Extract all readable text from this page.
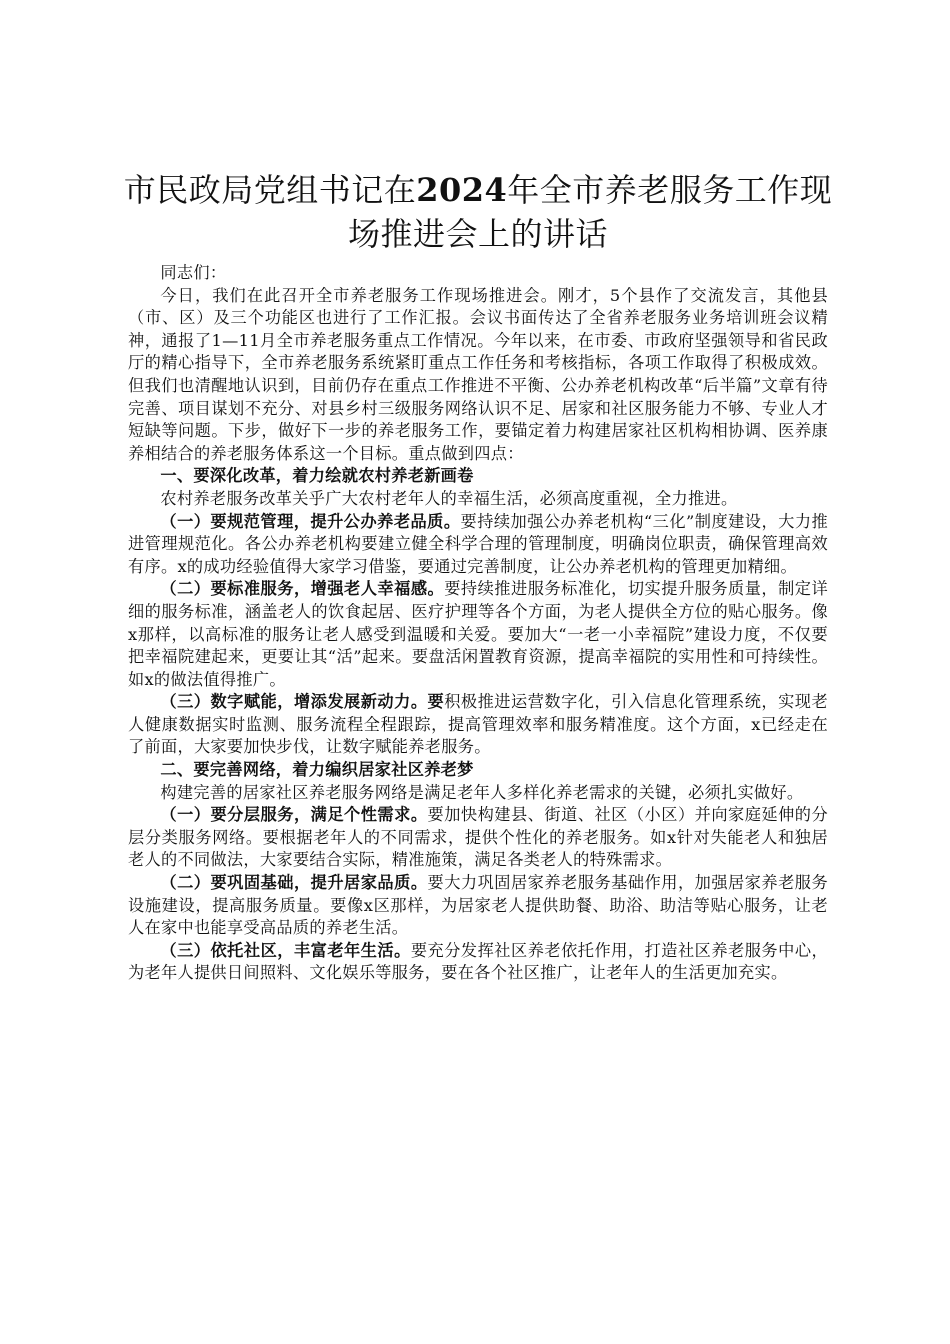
市民政局党组书记在2024年全市养老服务工作现场推进会上的讲话

同志们：

今日，我们在此召开全市养老服务工作现场推进会。刚才，5个县作了交流发言，其他县（市、区）及三个功能区也进行了工作汇报。会议书面传达了全省养老服务业务培训班会议精神，通报了1—11月全市养老服务重点工作情况。今年以来，在市委、市政府坚强领导和省民政厅的精心指导下，全市养老服务系统紧盯重点工作任务和考核指标，各项工作取得了积极成效。但我们也清醒地认识到，目前仍存在重点工作推进不平衡、公办养老机构改革“后半篇”文章有待完善、项目谋划不充分、对县乡村三级服务网络认识不足、居家和社区服务能力不够、专业人才短缺等问题。下步，做好下一步的养老服务工作，要锚定着力构建居家社区机构相协调、医养康养相结合的养老服务体系这一个目标。重点做到四点：

一、要深化改革，着力绘就农村养老新画卷

农村养老服务改革关乎广大农村老年人的幸福生活，必须高度重视，全力推进。

（一）要规范管理，提升公办养老品质。要持续加强公办养老机构“三化”制度建设，大力推进管理规范化。各公办养老机构要建立健全科学合理的管理制度，明确岗位职责，确保管理高效有序。x的成功经验值得大家学习借鉴，要通过完善制度，让公办养老机构的管理更加精细。

（二）要标准服务，增强老人幸福感。要持续推进服务标准化，切实提升服务质量，制定详细的服务标准，涵盖老人的饮食起居、医疗护理等各个方面，为老人提供全方位的贴心服务。像x那样，以高标准的服务让老人感受到温暖和关爱。要加大“一老一小幸福院”建设力度，不仅要把幸福院建起来，更要让其“活”起来。要盘活闲置教育资源，提高幸福院的实用性和可持续性。如x的做法值得推广。

（三）数字赋能，增添发展新动力。要积极推进运营数字化，引入信息化管理系统，实现老人健康数据实时监测、服务流程全程跟踪，提高管理效率和服务精准度。这个方面，x已经走在了前面，大家要加快步伐，让数字赋能养老服务。

二、要完善网络，着力编织居家社区养老梦

构建完善的居家社区养老服务网络是满足老年人多样化养老需求的关键，必须扎实做好。

（一）要分层服务，满足个性需求。要加快构建县、街道、社区（小区）并向家庭延伸的分层分类服务网络。要根据老年人的不同需求，提供个性化的养老服务。如x针对失能老人和独居老人的不同做法，大家要结合实际，精准施策，满足各类老人的特殊需求。

（二）要巩固基础，提升居家品质。要大力巩固居家养老服务基础作用，加强居家养老服务设施建设，提高服务质量。要像x区那样，为居家老人提供助餐、助浴、助洁等贴心服务，让老人在家中也能享受高品质的养老生活。

（三）依托社区，丰富老年生活。要充分发挥社区养老依托作用，打造社区养老服务中心，为老年人提供日间照料、文化娱乐等服务，要在各个社区推广，让老年人的生活更加充实。
